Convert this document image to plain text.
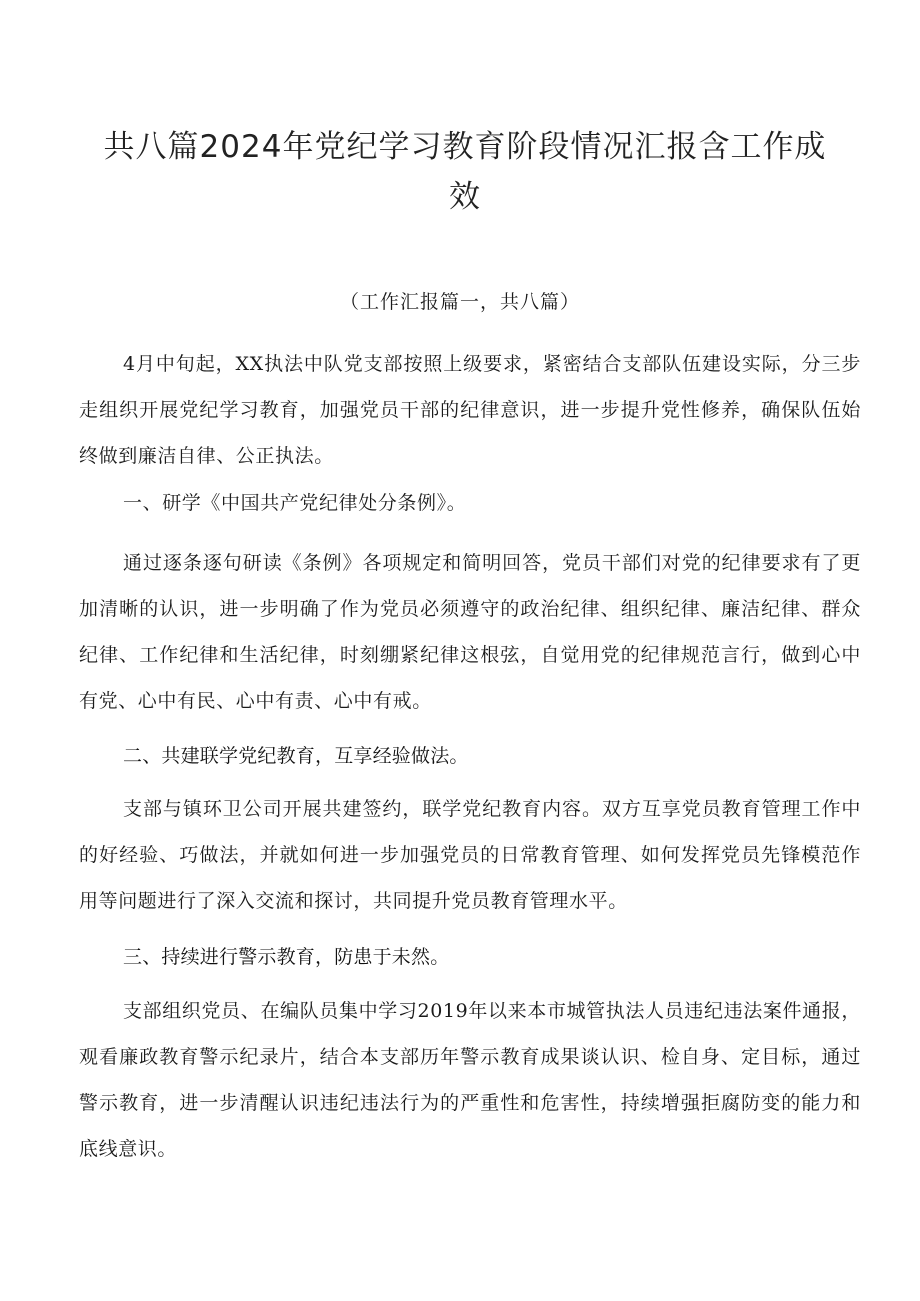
共八篇2024年党纪学习教育阶段情况汇报含工作成效

（工作汇报篇一，共八篇）

4月中旬起，XX执法中队党支部按照上级要求，紧密结合支部队伍建设实际，分三步走组织开展党纪学习教育，加强党员干部的纪律意识，进一步提升党性修养，确保队伍始终做到廉洁自律、公正执法。

一、研学《中国共产党纪律处分条例》。

通过逐条逐句研读《条例》各项规定和简明回答，党员干部们对党的纪律要求有了更加清晰的认识，进一步明确了作为党员必须遵守的政治纪律、组织纪律、廉洁纪律、群众纪律、工作纪律和生活纪律，时刻绷紧纪律这根弦，自觉用党的纪律规范言行，做到心中有党、心中有民、心中有责、心中有戒。

二、共建联学党纪教育，互享经验做法。

支部与镇环卫公司开展共建签约，联学党纪教育内容。双方互享党员教育管理工作中的好经验、巧做法，并就如何进一步加强党员的日常教育管理、如何发挥党员先锋模范作用等问题进行了深入交流和探讨，共同提升党员教育管理水平。

三、持续进行警示教育，防患于未然。

支部组织党员、在编队员集中学习2019年以来本市城管执法人员违纪违法案件通报，观看廉政教育警示纪录片，结合本支部历年警示教育成果谈认识、检自身、定目标，通过警示教育，进一步清醒认识违纪违法行为的严重性和危害性，持续增强拒腐防变的能力和底线意识。
